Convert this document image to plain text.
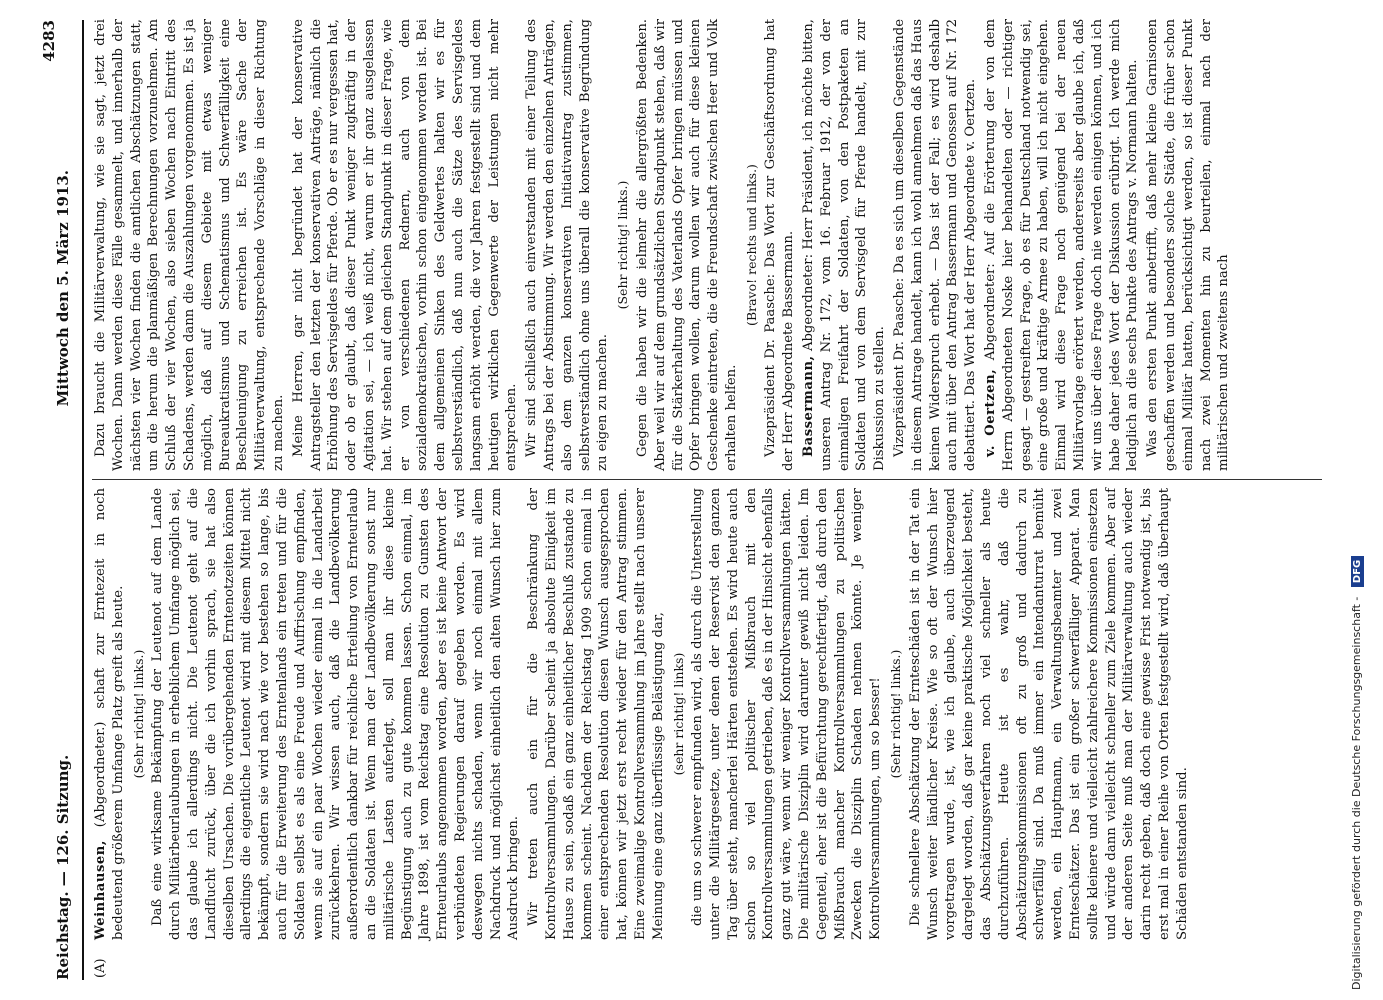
Reichstag. — 126. Sitzung.
Mittwoch den 5. März 1913.
4283
(A)

Weinhausen, (Abgeordneter.) schaft zur Erntezeit in noch bedeutend größerem Umfange Platz greift als heute. (Sehr richtig! links.) Daß eine wirksame Bekämpfung der Leutenot auf dem Lande durch Militärbeurlaubungen in erheblichem Umfange möglich sei, das glaube ich allerdings nicht. Die Leutenot geht auf die Landflucht zurück, über die ich vorhin sprach, sie hat also dieselben Ursachen. Die vorübergehenden Erntenotzeiten können allerdings die eigentliche Leutenot wird mit diesem Mittel nicht bekämpft, sondern sie wird nach wie vor bestehen so lange, bis auch für die Erweiterung des Erntenlands ein treten und für die Soldaten selbst es als eine Freude und Auffrischung empfinden, wenn sie auf ein paar Wochen wieder einmal in die Landarbeit zurückkehren. Wir wissen auch, daß die Landbevölkerung außerordentlich dankbar für reichliche Erteilung von Ernteurlaub an die Soldaten ist. Wenn man der Landbevölkerung sonst nur militärische Lasten auferlegt, soll man ihr diese kleine Begünstigung auch zu gute kommen lassen. Schon einmal, im Jahre 1898, ist vom Reichstag eine Resolution zu Gunsten des Ernteurlaubs angenommen worden, aber es ist keine Antwort der verbündeten Regierungen darauf gegeben worden. Es wird deswegen nichts schaden, wenn wir noch einmal mit allem Nachdruck und möglichst einheitlich den alten Wunsch hier zum Ausdruck bringen. Wir treten auch ein für die Beschränkung der Kontrollversammlungen. Darüber scheint ja absolute Einigkeit im Hause zu sein, sodaß ein ganz einheitlicher Beschluß zustande zu kommen scheint. Nachdem der Reichstag 1909 schon einmal in einer entsprechenden Resolution diesen Wunsch ausgesprochen hat, können wir jetzt erst recht wieder für den Antrag stimmen. Eine zweimalige Kontrollversammlung im Jahre stellt nach unserer Meinung eine ganz überflüssige Belästigung dar, (sehr richtig! links) die um so schwerer empfunden wird, als durch die Unterstellung unter die Militärgesetze, unter denen der Reservist den ganzen Tag über steht, mancherlei Härten entstehen. Es wird heute auch schon so viel politischer Mißbrauch mit den Kontrollversammlungen getrieben, daß es in der Hinsicht ebenfalls ganz gut wäre, wenn wir weniger Kontrollversammlungen hätten. Die militärische Disziplin wird darunter gewiß nicht leiden. Im Gegenteil, eher ist die Befürchtung gerechtfertigt, daß durch den Mißbrauch mancher Kontrollversammlungen zu politischen Zwecken die Disziplin Schaden nehmen könnte. Je weniger Kontrollversammlungen, um so besser! (Sehr richtig! links.) Die schnellere Abschätzung der Ernteschäden ist in der Tat ein Wunsch weiter ländlicher Kreise. Wie so oft der Wunsch hier vorgetragen wurde, ist, wie ich glaube, auch überzeugend dargelegt worden, daß gar keine praktische Möglichkeit besteht, das Abschätzungsverfahren noch viel schneller als heute durchzuführen. Heute ist es wahr, daß die Abschätzungskommissionen oft zu groß und dadurch zu schwerfällig sind. Da muß immer ein Intendanturrat bemüht werden, ein Hauptmann, ein Verwaltungsbeamter und zwei Ernteschätzer. Das ist ein großer schwerfälliger Apparat. Man sollte kleinere und vielleicht zahlreichere Kommissionen einsetzen und würde dann vielleicht schneller zum Ziele kommen. Aber auf der anderen Seite muß man der Militärverwaltung auch wieder darin recht geben, daß doch eine gewisse Frist notwendig ist, bis erst mal in einer Reihe von Orten festgestellt wird, daß überhaupt Schäden entstanden sind.

Dazu braucht die Militärverwaltung, wie sie sagt, jetzt drei Wochen. Dann werden diese Fälle gesammelt, und innerhalb der nächsten vier Wochen finden die amtlichen Abschätzungen statt, um die herum die planmäßigen Berechnungen vorzunehmen. Am Schluß der vier Wochen, also sieben Wochen nach Eintritt des Schadens, werden dann die Auszahlungen vorgenommen. Es ist ja möglich, daß auf diesem Gebiete mit etwas weniger Bureaukratismus und Schematismus und Schwerfälligkeit eine Beschleunigung zu erreichen ist. Es wäre Sache der Militärverwaltung, entsprechende Vorschläge in dieser Richtung zu machen. Meine Herren, gar nicht begründet hat der konservative Antragsteller den letzten der konservativen Anträge, nämlich die Erhöhung des Servisgeldes für Pferde. Ob er es nur vergessen hat, oder ob er glaubt, daß dieser Punkt weniger zugkräftig in der Agitation sei, — ich weiß nicht, warum er ihr ganz ausgelassen hat. Wir stehen auf dem gleichen Standpunkt in dieser Frage, wie er von verschiedenen Rednern, auch von dem sozialdemokratischen, vorhin schon eingenommen worden ist. Bei dem allgemeinen Sinken des Geldwertes halten wir es für selbstverständlich, daß nun auch die Sätze des Servisgeldes langsam erhöht werden, die vor Jahren festgestellt sind und dem heutigen wirklichen Gegenwerte der Leistungen nicht mehr entsprechen. Wir sind schließlich auch einverstanden mit einer Teilung des Antrags bei der Abstimmung. Wir werden den einzelnen Anträgen, also dem ganzen konservativen Initiativantrag zustimmen, selbstverständlich ohne uns überall die konservative Begründung zu eigen zu machen.

(Sehr richtig! links.) Gegen die haben wir die ielmehr die allergrößten Bedenken. Aber weil wir auf dem grundsätzlichen Standpunkt stehen, daß wir für die Stärkerhaltung des Vaterlands Opfer bringen müssen und Opfer bringen wollen, darum wollen wir auch für diese kleinen Geschenke eintreten, die die Freundschaft zwischen Heer und Volk erhalten helfen.

(Bravo! rechts und links.) Vizepräsident Dr. Paasche: Das Wort zur Geschäftsordnung hat der Herr Abgeordnete Bassermann. Bassermann, Abgeordneter: Herr Präsident, ich möchte bitten, unseren Antrag Nr. 172, vom 16. Februar 1912, der von der einmaligen Freifahrt der Soldaten, von den Postpaketen an Soldaten und von dem Servisgeld für Pferde handelt, mit zur Diskussion zu stellen. Vizepräsident Dr. Paasche: Da es sich um dieselben Gegenstände in diesem Antrage handelt, kann ich wohl annehmen daß das Haus keinen Widerspruch erhebt. — Das ist der Fall; es wird deshalb auch mit über den Antrag Bassermann und Genossen auf Nr. 172 debattiert. Das Wort hat der Herr Abgeordnete v. Oertzen. v. Oertzen, Abgeordneter: Auf die Erörterung der von dem Herrn Abgeordneten Noske hier behandelten oder — richtiger gesagt — gestreiften Frage, ob es für Deutschland notwendig sei, eine große und kräftige Armee zu haben, will ich nicht eingehen. Einmal wird diese Frage noch genügend bei der neuen Militärvorlage erörtert werden, andererseits aber glaube ich, daß wir uns über diese Frage doch nie werden einigen können, und ich habe daher jedes Wort der Diskussion erübrigt. Ich werde mich lediglich an die sechs Punkte des Antrags v. Normann halten. Was den ersten Punkt anbetrifft, daß mehr kleine Garnisonen geschaffen werden und besonders solche Städte, die früher schon einmal Militär hatten, berücksichtigt werden, so ist dieser Punkt nach zwei Momenten hin zu beurteilen, einmal nach der militärischen und zweitens nach

Digitalisierung gefördert durch die Deutsche Forschungsgemeinschaft - DFG
